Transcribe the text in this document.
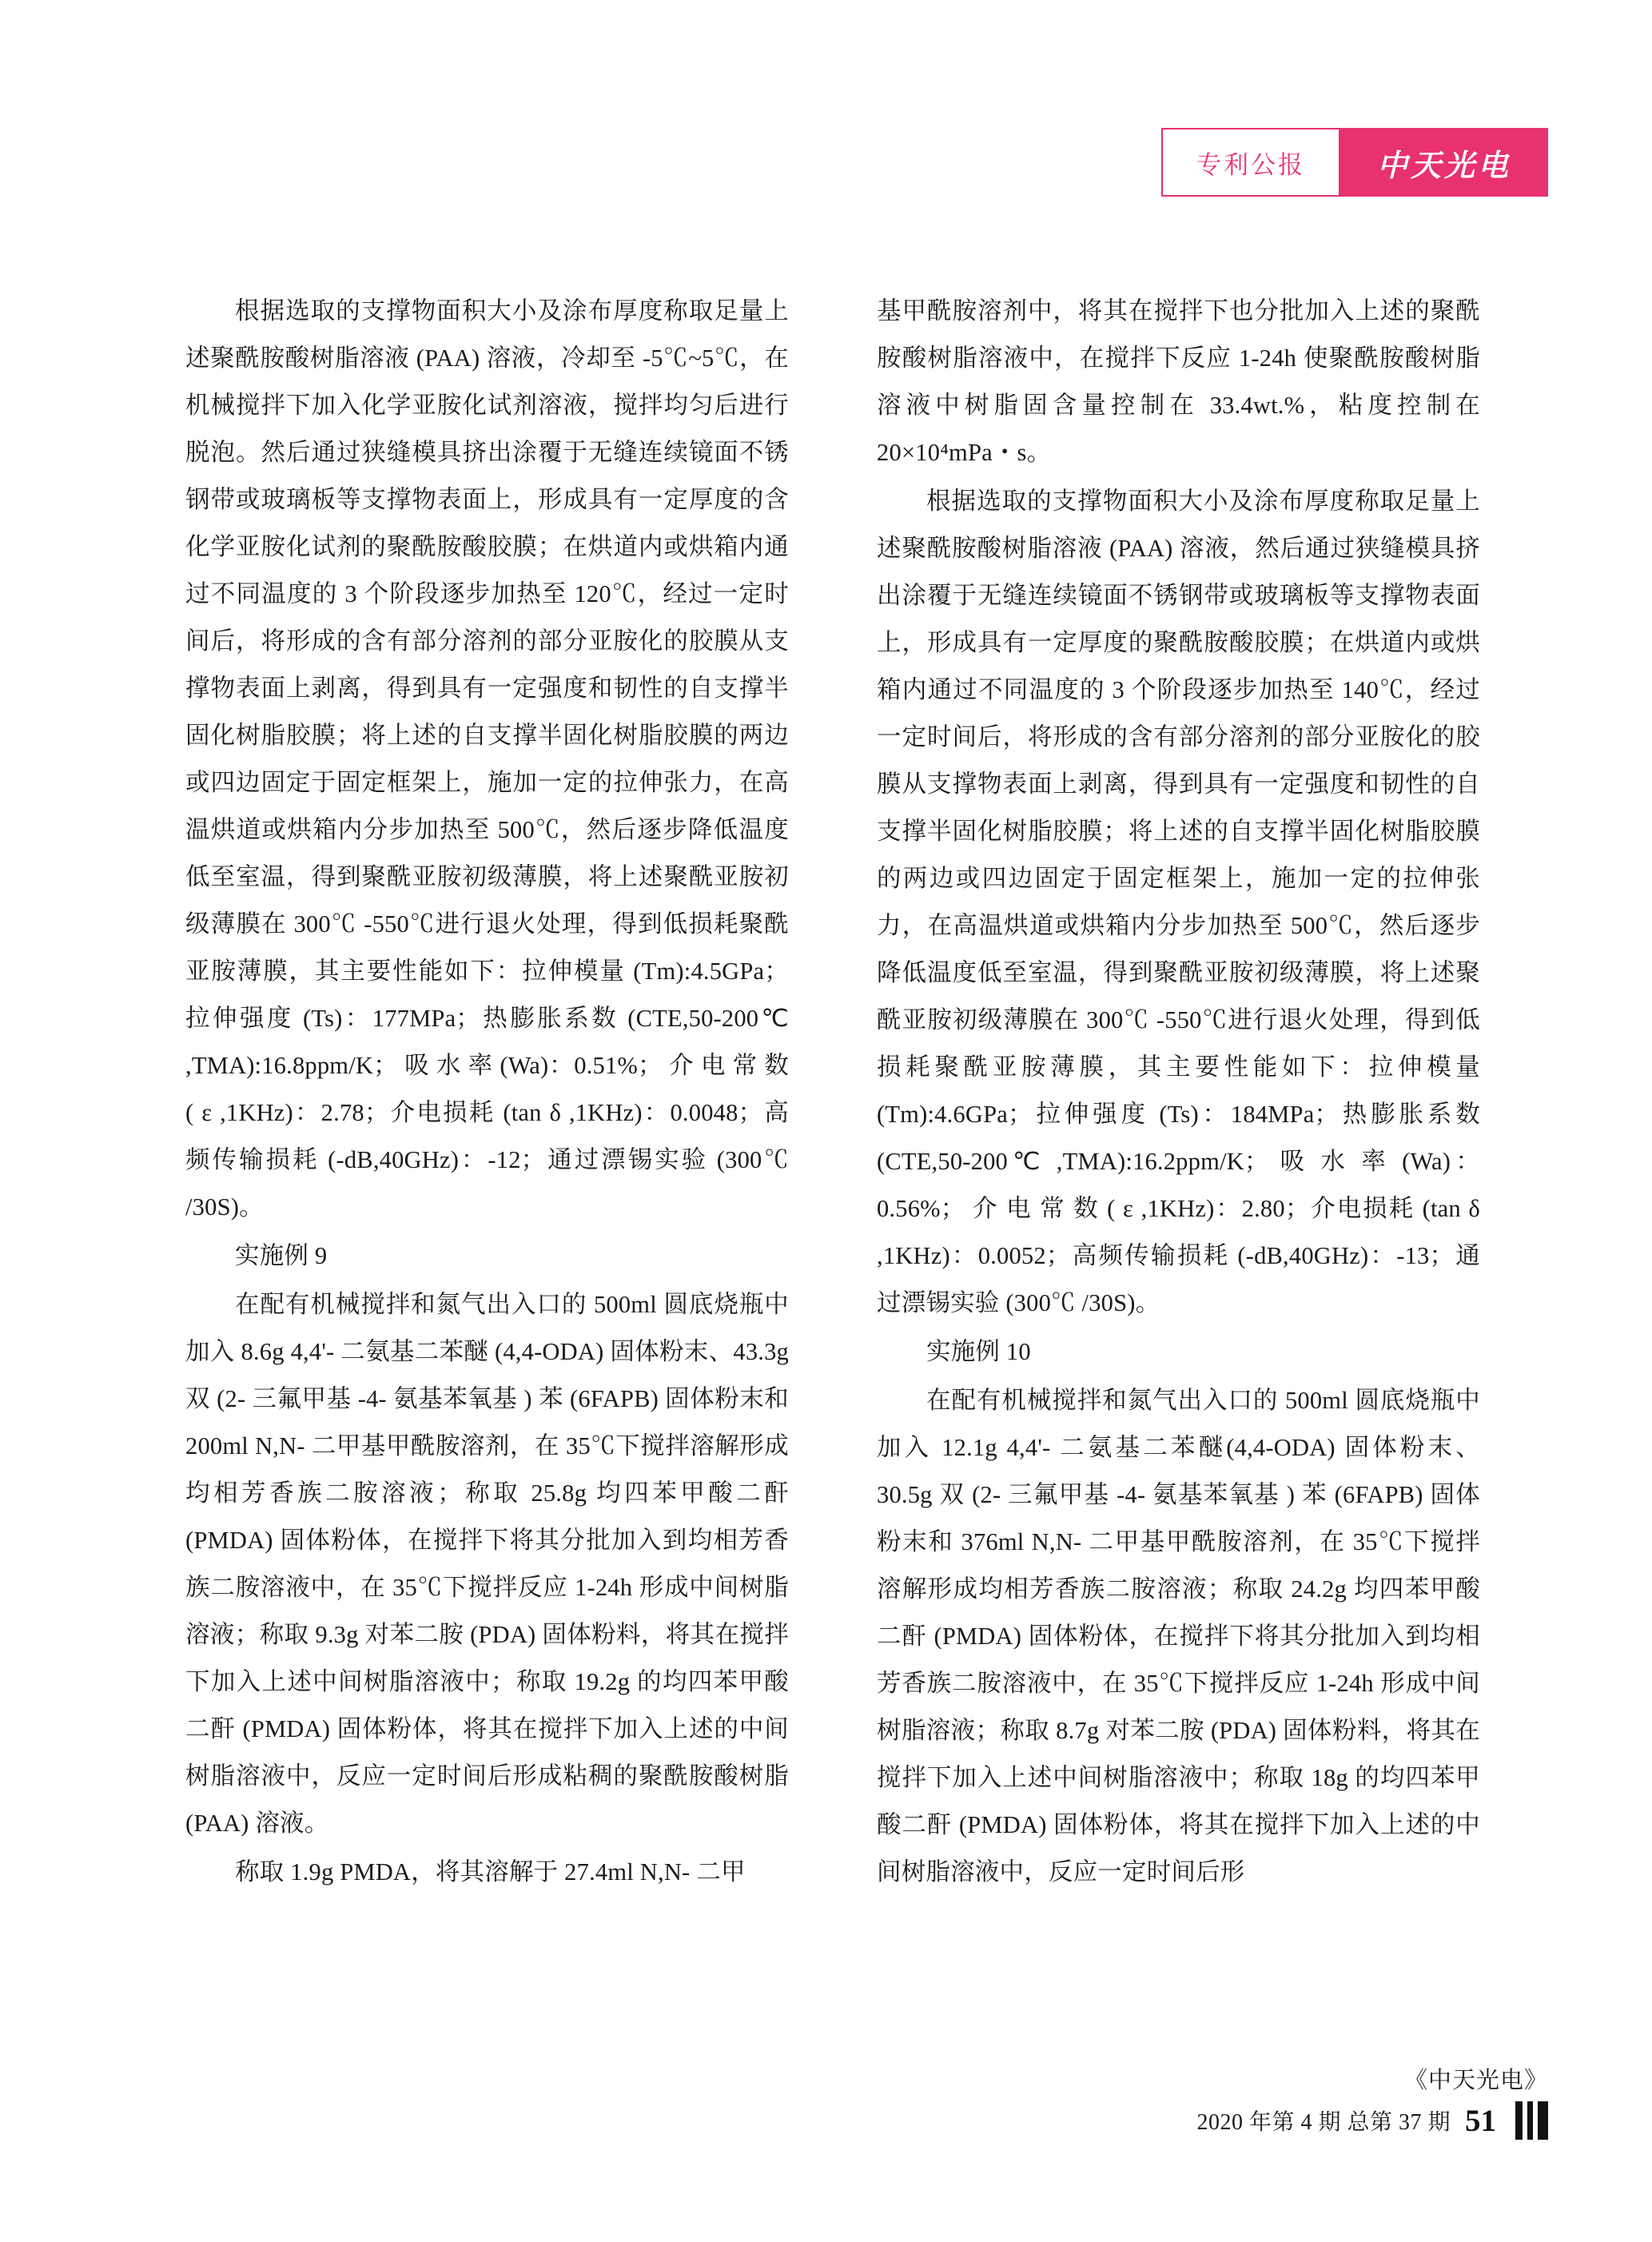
专利公报 中天光电

根据选取的支撑物面积大小及涂布厚度称取足量上述聚酰胺酸树脂溶液 (PAA) 溶液，冷却至 -5℃~5℃，在机械搅拌下加入化学亚胺化试剂溶液，搅拌均匀后进行脱泡。然后通过狭缝模具挤出涂覆于无缝连续镜面不锈钢带或玻璃板等支撑物表面上，形成具有一定厚度的含化学亚胺化试剂的聚酰胺酸胶膜；在烘道内或烘箱内通过不同温度的 3 个阶段逐步加热至 120℃，经过一定时间后，将形成的含有部分溶剂的部分亚胺化的胶膜从支撑物表面上剥离，得到具有一定强度和韧性的自支撑半固化树脂胶膜；将上述的自支撑半固化树脂胶膜的两边或四边固定于固定框架上，施加一定的拉伸张力，在高温烘道或烘箱内分步加热至 500℃，然后逐步降低温度低至室温，得到聚酰亚胺初级薄膜，将上述聚酰亚胺初级薄膜在 300℃ -550℃进行退火处理，得到低损耗聚酰亚胺薄膜，其主要性能如下：拉伸模量 (Tm):4.5GPa；拉伸强度 (Ts)：177MPa；热膨胀系数 (CTE,50-200℃ ,TMA):16.8ppm/K； 吸 水 率 (Wa)：0.51%； 介 电 常 数 ( ε ,1KHz)：2.78；介电损耗 (tan δ ,1KHz)：0.0048；高频传输损耗 (-dB,40GHz)：-12；通过漂锡实验 (300℃ /30S)。

实施例 9

在配有机械搅拌和氮气出入口的 500ml 圆底烧瓶中加入 8.6g 4,4'- 二氨基二苯醚 (4,4-ODA) 固体粉末、43.3g 双 (2- 三氟甲基 -4- 氨基苯氧基 ) 苯 (6FAPB) 固体粉末和 200ml N,N- 二甲基甲酰胺溶剂，在 35℃下搅拌溶解形成均相芳香族二胺溶液；称取 25.8g 均四苯甲酸二酐 (PMDA) 固体粉体，在搅拌下将其分批加入到均相芳香族二胺溶液中，在 35℃下搅拌反应 1-24h 形成中间树脂溶液；称取 9.3g 对苯二胺 (PDA) 固体粉料，将其在搅拌下加入上述中间树脂溶液中；称取 19.2g 的均四苯甲酸二酐 (PMDA) 固体粉体，将其在搅拌下加入上述的中间树脂溶液中，反应一定时间后形成粘稠的聚酰胺酸树脂 (PAA) 溶液。

称取 1.9g PMDA，将其溶解于 27.4ml N,N- 二甲

基甲酰胺溶剂中，将其在搅拌下也分批加入上述的聚酰胺酸树脂溶液中，在搅拌下反应 1-24h 使聚酰胺酸树脂溶液中树脂固含量控制在 33.4wt.%，粘度控制在 20×10⁴mPa・s。

根据选取的支撑物面积大小及涂布厚度称取足量上述聚酰胺酸树脂溶液 (PAA) 溶液，然后通过狭缝模具挤出涂覆于无缝连续镜面不锈钢带或玻璃板等支撑物表面上，形成具有一定厚度的聚酰胺酸胶膜；在烘道内或烘箱内通过不同温度的 3 个阶段逐步加热至 140℃，经过一定时间后，将形成的含有部分溶剂的部分亚胺化的胶膜从支撑物表面上剥离，得到具有一定强度和韧性的自支撑半固化树脂胶膜；将上述的自支撑半固化树脂胶膜的两边或四边固定于固定框架上，施加一定的拉伸张力，在高温烘道或烘箱内分步加热至 500℃，然后逐步降低温度低至室温，得到聚酰亚胺初级薄膜，将上述聚酰亚胺初级薄膜在 300℃ -550℃进行退火处理，得到低损耗聚酰亚胺薄膜，其主要性能如下：拉伸模量 (Tm):4.6GPa；拉伸强度 (Ts)：184MPa；热膨胀系数 (CTE,50-200℃ ,TMA):16.2ppm/K； 吸 水 率 (Wa)：0.56%； 介 电 常 数 ( ε ,1KHz)：2.80；介电损耗 (tan δ ,1KHz)：0.0052；高频传输损耗 (-dB,40GHz)：-13；通过漂锡实验 (300℃ /30S)。

实施例 10

在配有机械搅拌和氮气出入口的 500ml 圆底烧瓶中加入 12.1g 4,4'- 二氨基二苯醚(4,4-ODA) 固体粉末、30.5g 双 (2- 三氟甲基 -4- 氨基苯氧基 ) 苯 (6FAPB) 固体粉末和 376ml N,N- 二甲基甲酰胺溶剂，在 35℃下搅拌溶解形成均相芳香族二胺溶液；称取 24.2g 均四苯甲酸二酐 (PMDA) 固体粉体，在搅拌下将其分批加入到均相芳香族二胺溶液中，在 35℃下搅拌反应 1-24h 形成中间树脂溶液；称取 8.7g 对苯二胺 (PDA) 固体粉料，将其在搅拌下加入上述中间树脂溶液中；称取 18g 的均四苯甲酸二酐 (PMDA) 固体粉体，将其在搅拌下加入上述的中间树脂溶液中，反应一定时间后形

《中天光电》
2020 年第 4 期 总第 37 期 51
